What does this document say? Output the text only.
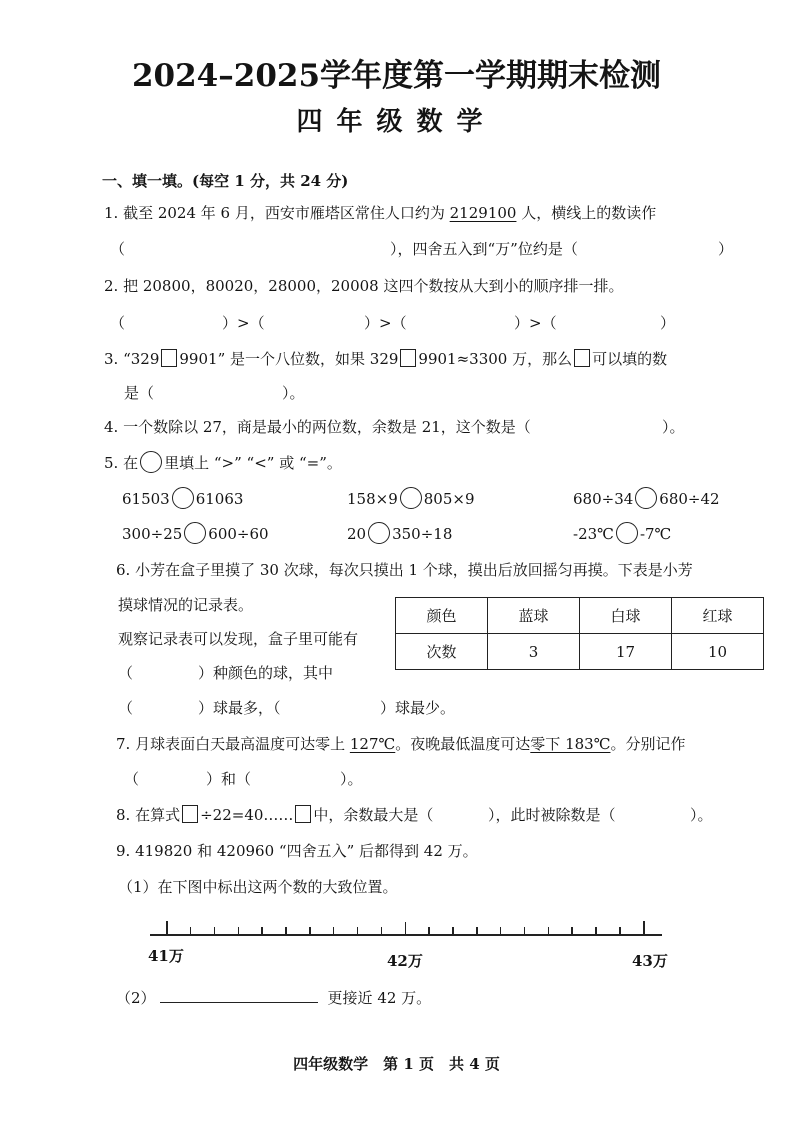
2024–2025学年度第一学期期末检测
四年级数学
一、填一填。(每空 1 分，共 24 分)
1. 截至 2024 年 6 月，西安市雁塔区常住人口约为 2129100 人，横线上的数读作
（	），四舍五入到“万”位约是（	）
2. 把 20800，80020，28000，20008 这四个数按从大到小的顺序排一排。
（	）>（	）>（	）>（	）
3. “329 9901” 是一个八位数，如果 329 9901≈3300 万，那么 可以填的数
是（	）。
4. 一个数除以 27，商是最小的两位数，余数是 21，这个数是（	）。
5. 在 里填上 “>” “<” 或 “=”。
61503 61063	158×9 805×9	680÷34 680÷42
300÷25 600÷60	20 350÷18	-23℃ -7℃
6. 小芳在盒子里摸了 30 次球，每次只摸出 1 个球，摸出后放回摇匀再摸。下表是小芳
摸球情况的记录表。
观察记录表可以发现，盒子里可能有
（	）种颜色的球，其中
（	）球最多，（	）球最少。
颜色	蓝球	白球	红球
次数	3	17	10
7. 月球表面白天最高温度可达零上 127℃。夜晚最低温度可达零下 183℃。分别记作
（	）和（	）。
8. 在算式 ÷22=40…… 中，余数最大是（	），此时被除数是（	）。
9. 419820 和 420960 “四舍五入” 后都得到 42 万。
（1）在下图中标出这两个数的大致位置。
41万	42万	43万
（2）	更接近 42 万。
四年级数学　第 1 页　共 4 页
